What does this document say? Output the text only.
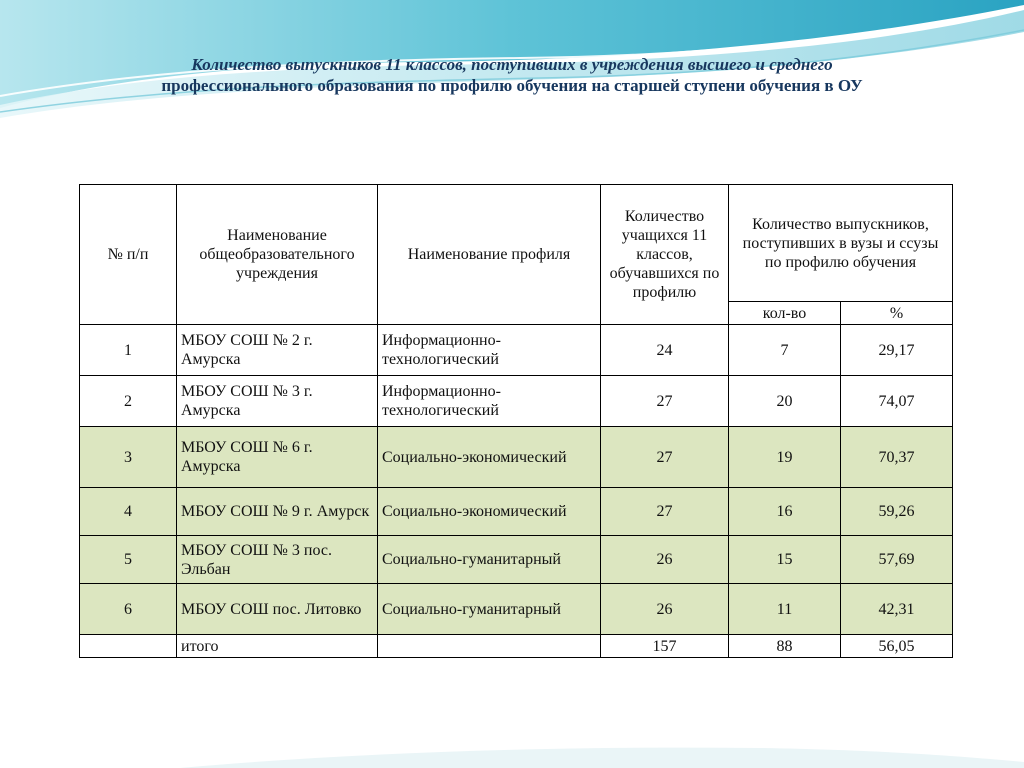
Количество выпускников 11 классов, поступивших в учреждения высшего и среднего
профессионального образования по профилю обучения на старшей ступени обучения в ОУ
№ п/п	Наименование общеобразовательного учреждения	Наименование профиля	Количество учащихся 11 классов, обучавшихся по профилю	Количество выпускников, поступивших в вузы и ссузы по профилю обучения	
				кол-во	%
1	МБОУ СОШ № 2 г. Амурска	Информационно-технологический	24	7	29,17
2	МБОУ СОШ № 3 г. Амурска	Информационно-технологический	27	20	74,07
3	МБОУ СОШ № 6 г. Амурска	Социально-экономический	27	19	70,37
4	МБОУ СОШ № 9 г. Амурск	Социально-экономический	27	16	59,26
5	МБОУ СОШ № 3 пос. Эльбан	Социально-гуманитарный	26	15	57,69
6	МБОУ СОШ пос. Литовко	Социально-гуманитарный	26	11	42,31
	итого		157	88	56,05
